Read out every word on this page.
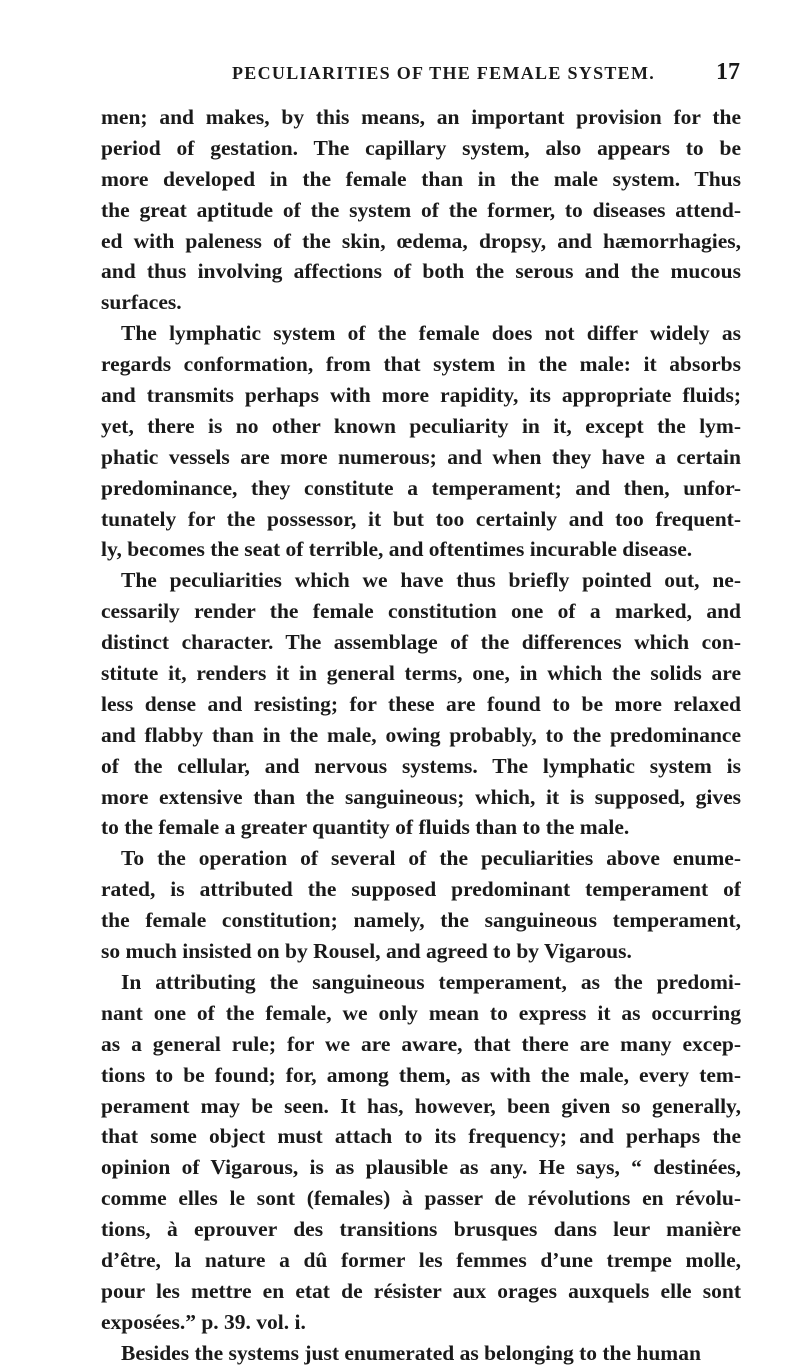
PECULIARITIES OF THE FEMALE SYSTEM.	17
men; and makes, by this means, an important provision for the
period of gestation. The capillary system, also appears to be
more developed in the female than in the male system. Thus
the great aptitude of the system of the former, to diseases attend-
ed with paleness of the skin, œdema, dropsy, and hæmorrhagies,
and thus involving affections of both the serous and the mucous
surfaces.
The lymphatic system of the female does not differ widely as
regards conformation, from that system in the male: it absorbs
and transmits perhaps with more rapidity, its appropriate fluids;
yet, there is no other known peculiarity in it, except the lym-
phatic vessels are more numerous; and when they have a certain
predominance, they constitute a temperament; and then, unfor-
tunately for the possessor, it but too certainly and too frequent-
ly, becomes the seat of terrible, and oftentimes incurable disease.
The peculiarities which we have thus briefly pointed out, ne-
cessarily render the female constitution one of a marked, and
distinct character. The assemblage of the differences which con-
stitute it, renders it in general terms, one, in which the solids are
less dense and resisting; for these are found to be more relaxed
and flabby than in the male, owing probably, to the predominance
of the cellular, and nervous systems. The lymphatic system is
more extensive than the sanguineous; which, it is supposed, gives
to the female a greater quantity of fluids than to the male.
To the operation of several of the peculiarities above enume-
rated, is attributed the supposed predominant temperament of
the female constitution; namely, the sanguineous temperament,
so much insisted on by Rousel, and agreed to by Vigarous.
In attributing the sanguineous temperament, as the predomi-
nant one of the female, we only mean to express it as occurring
as a general rule; for we are aware, that there are many excep-
tions to be found; for, among them, as with the male, every tem-
perament may be seen. It has, however, been given so generally,
that some object must attach to its frequency; and perhaps the
opinion of Vigarous, is as plausible as any. He says, “ destinées,
comme elles le sont (females) à passer de révolutions en révolu-
tions, à eprouver des transitions brusques dans leur manière
d’être, la nature a dû former les femmes d’une trempe molle,
pour les mettre en etat de résister aux orages auxquels elle sont
exposées.” p. 39. vol. i.
Besides the systems just enumerated as belonging to the human
